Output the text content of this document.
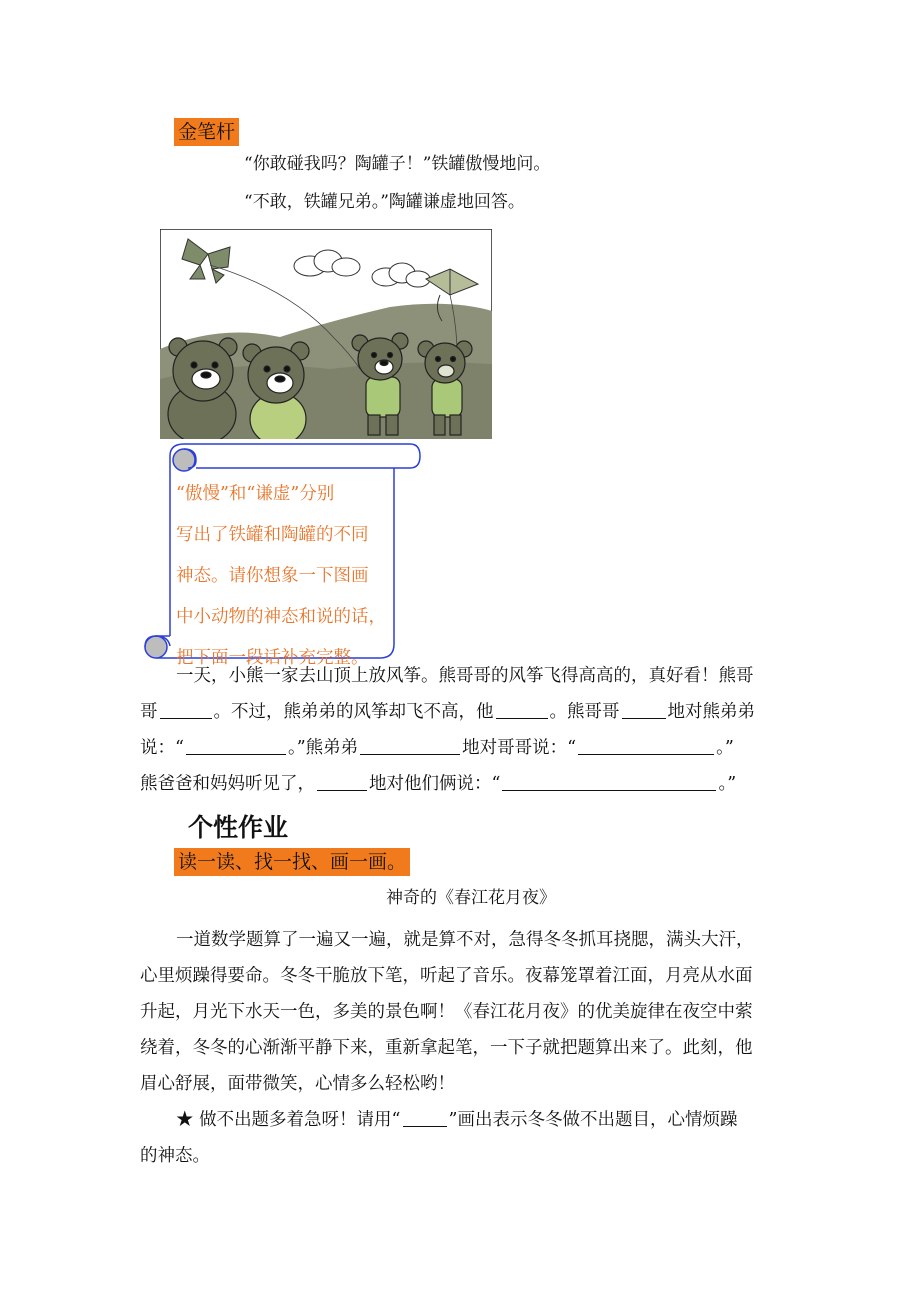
金笔杆
“你敢碰我吗？陶罐子！”铁罐傲慢地问。
“不敢，铁罐兄弟。”陶罐谦虚地回答。
“傲慢”和“谦虚”分别
写出了铁罐和陶罐的不同
神态。请你想象一下图画
中小动物的神态和说的话，
把下面一段话补充完整。
一天，小熊一家去山顶上放风筝。熊哥哥的风筝飞得高高的，真好看！熊哥
哥	。不过，熊弟弟的风筝却飞不高，他	。熊哥哥	地对熊弟弟
说：“	。”熊弟弟	地对哥哥说：“	。”
熊爸爸和妈妈听见了，	地对他们俩说：“	。”
个性作业
读一读、找一找、画一画。
神奇的《春江花月夜》
一道数学题算了一遍又一遍，就是算不对，急得冬冬抓耳挠腮，满头大汗，
心里烦躁得要命。冬冬干脆放下笔，听起了音乐。夜幕笼罩着江面，月亮从水面
升起，月光下水天一色，多美的景色啊！《春江花月夜》的优美旋律在夜空中萦
绕着，冬冬的心渐渐平静下来，重新拿起笔，一下子就把题算出来了。此刻，他
眉心舒展，面带微笑，心情多么轻松哟！
★ 做不出题多着急呀！请用“	”画出表示冬冬做不出题目，心情烦躁
的神态。
